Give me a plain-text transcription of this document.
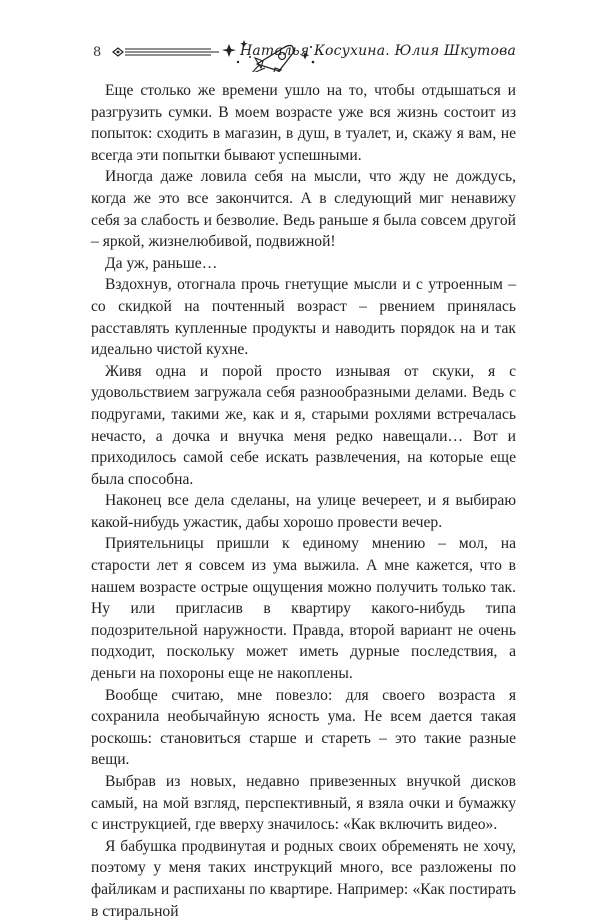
8	Наталья Косухина. Юлия Шкутова

Еще столько же времени ушло на то, чтобы отдышаться и разгрузить сумки. В моем возрасте уже вся жизнь состоит из попыток: сходить в магазин, в душ, в туалет, и, скажу я вам, не всегда эти попытки бывают успешными.

Иногда даже ловила себя на мысли, что жду не дождусь, когда же это все закончится. А в следующий миг ненавижу себя за слабость и безволие. Ведь раньше я была совсем другой – яркой, жизнелюбивой, подвижной!

Да уж, раньше…

Вздохнув, отогнала прочь гнетущие мысли и с утроенным – со скидкой на почтенный возраст – рвением принялась расставлять купленные продукты и наводить порядок на и так идеально чистой кухне.

Живя одна и порой просто изнывая от скуки, я с удовольствием загружала себя разнообразными делами. Ведь с подругами, такими же, как и я, старыми рохлями встречалась нечасто, а дочка и внучка меня редко навещали… Вот и приходилось самой себе искать развлечения, на которые еще была способна.

Наконец все дела сделаны, на улице вечереет, и я выбираю какой-нибудь ужастик, дабы хорошо провести вечер.

Приятельницы пришли к единому мнению – мол, на старости лет я совсем из ума выжила. А мне кажется, что в нашем возрасте острые ощущения можно получить только так. Ну или пригласив в квартиру какого-нибудь типа подозрительной наружности. Правда, второй вариант не очень подходит, поскольку может иметь дурные последствия, а деньги на похороны еще не накоплены.

Вообще считаю, мне повезло: для своего возраста я сохранила необычайную ясность ума. Не всем дается такая роскошь: становиться старше и стареть – это такие разные вещи.

Выбрав из новых, недавно привезенных внучкой дисков самый, на мой взгляд, перспективный, я взяла очки и бумажку с инструкцией, где вверху значилось: «Как включить видео».

Я бабушка продвинутая и родных своих обременять не хочу, поэтому у меня таких инструкций много, все разложены по файликам и распиханы по квартире. Например: «Как постирать в стиральной
